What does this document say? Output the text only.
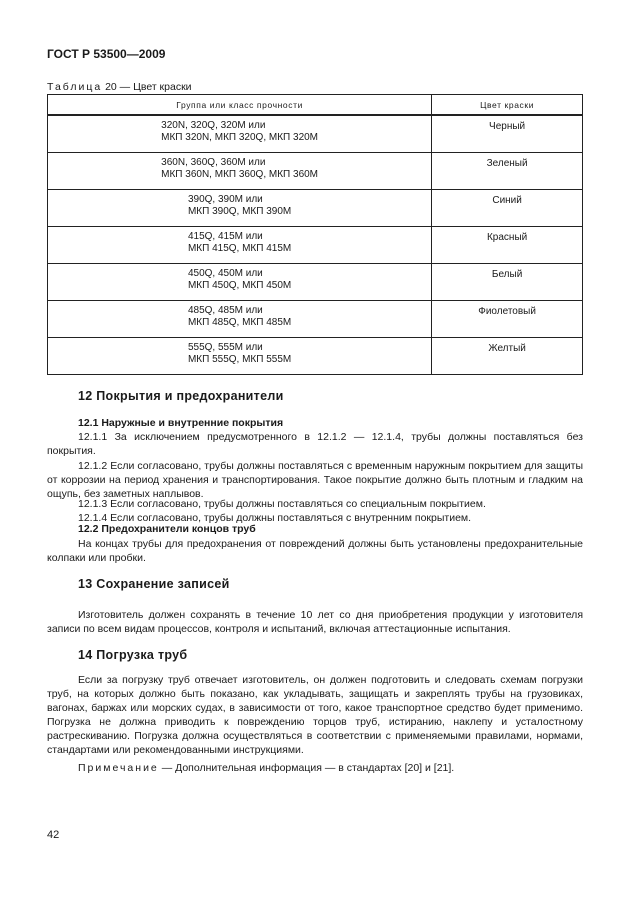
ГОСТ Р 53500—2009
Таблица 20 — Цвет краски
Группа или класс прочности	Цвет краски
320N, 320Q, 320M или
МКП 320N, МКП 320Q, МКП 320M	Черный
360N, 360Q, 360M или
МКП 360N, МКП 360Q, МКП 360M	Зеленый
390Q, 390M или
МКП 390Q, МКП 390M	Синий
415Q, 415M или
МКП 415Q, МКП 415M	Красный
450Q, 450M или
МКП 450Q, МКП 450M	Белый
485Q, 485M или
МКП 485Q, МКП 485M	Фиолетовый
555Q, 555M или
МКП 555Q, МКП 555M	Желтый
12 Покрытия и предохранители
12.1 Наружные и внутренние покрытия

12.1.1 За исключением предусмотренного в 12.1.2 — 12.1.4, трубы должны поставляться без покрытия.

12.1.2 Если согласовано, трубы должны поставляться с временным наружным покрытием для защиты от коррозии на период хранения и транспортирования. Такое покрытие должно быть плотным и гладким на ощупь, без заметных наплывов.

12.1.3 Если согласовано, трубы должны поставляться со специальным покрытием.

12.1.4 Если согласовано, трубы должны поставляться с внутренним покрытием.

12.2 Предохранители концов труб

На концах трубы для предохранения от повреждений должны быть установлены предохранительные колпаки или пробки.

13 Сохранение записей

Изготовитель должен сохранять в течение 10 лет со дня приобретения продукции у изготовителя записи по всем видам процессов, контроля и испытаний, включая аттестационные испытания.

14 Погрузка труб

Если за погрузку труб отвечает изготовитель, он должен подготовить и следовать схемам погрузки труб, на которых должно быть показано, как укладывать, защищать и закреплять трубы на грузовиках, вагонах, баржах или морских судах, в зависимости от того, какое транспортное средство будет применимо. Погрузка не должна приводить к повреждению торцов труб, истиранию, наклепу и усталостному растрескиванию. Погрузка должна осуществляться в соответствии с применяемыми правилами, нормами, стандартами или рекомендованными инструкциями.

Примечание — Дополнительная информация — в стандартах [20] и [21].
42
